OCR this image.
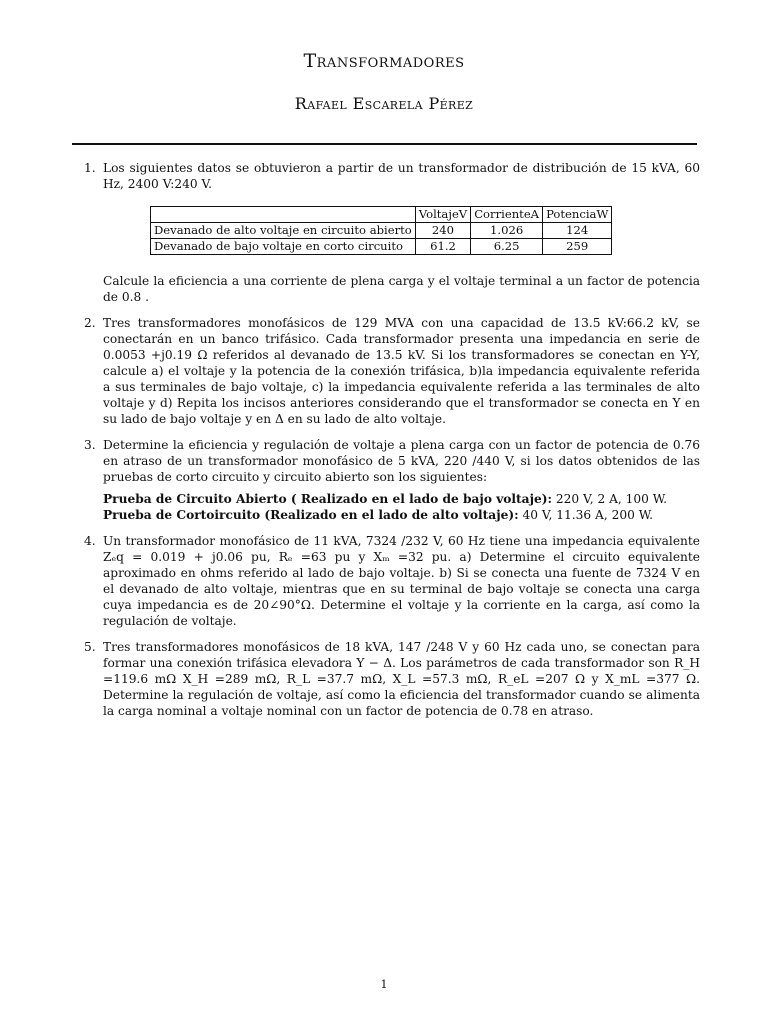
Transformadores
Rafael Escarela Pérez
1. Los siguientes datos se obtuvieron a partir de un transformador de distribución de 15 kVA, 60 Hz, 2400 V:240 V.

	VoltajeV	CorrienteA	PotenciaW
Devanado de alto voltaje en circuito abierto	240	1.026	124
Devanado de bajo voltaje en corto circuito	61.2	6.25	259

Calcule la eficiencia a una corriente de plena carga y el voltaje terminal a un factor de potencia de 0.8 .

2. Tres transformadores monofásicos de 129 MVA con una capacidad de 13.5 kV:66.2 kV, se conectarán en un banco trifásico. Cada transformador presenta una impedancia en serie de 0.0053 +j0.19 Ω referidos al devanado de 13.5 kV. Si los transformadores se conectan en Y-Y, calcule a) el voltaje y la potencia de la conexión trifásica, b)la impedancia equivalente referida a sus terminales de bajo voltaje, c) la impedancia equivalente referida a las terminales de alto voltaje y d) Repita los incisos anteriores considerando que el transformador se conecta en Y en su lado de bajo voltaje y en Δ en su lado de alto voltaje.

3. Determine la eficiencia y regulación de voltaje a plena carga con un factor de potencia de 0.76 en atraso de un transformador monofásico de 5 kVA, 220 /440 V, si los datos obtenidos de las pruebas de corto circuito y circuito abierto son los siguientes:

Prueba de Circuito Abierto ( Realizado en el lado de bajo voltaje): 220 V, 2 A, 100 W.
Prueba de Cortoircuito (Realizado en el lado de alto voltaje): 40 V, 11.36 A, 200 W.
4. Un transformador monofásico de 11 kVA, 7324 /232 V, 60 Hz tiene una impedancia equivalente Zₑq = 0.019 + j0.06 pu, Rₑ =63 pu y Xₘ =32 pu. a) Determine el circuito equivalente aproximado en ohms referido al lado de bajo voltaje. b) Si se conecta una fuente de 7324 V en el devanado de alto voltaje, mientras que en su terminal de bajo voltaje se conecta una carga cuya impedancia es de 20∠90°Ω. Determine el voltaje y la corriente en la carga, así como la regulación de voltaje.

5. Tres transformadores monofásicos de 18 kVA, 147 /248 V y 60 Hz cada uno, se conectan para formar una conexión trifásica elevadora Y − Δ. Los parámetros de cada transformador son R_H =119.6 mΩ X_H =289 mΩ, R_L =37.7 mΩ, X_L =57.3 mΩ, R_eL =207 Ω y X_mL =377 Ω. Determine la regulación de voltaje, así como la eficiencia del transformador cuando se alimenta la carga nominal a voltaje nominal con un factor de potencia de 0.78 en atraso.

1
